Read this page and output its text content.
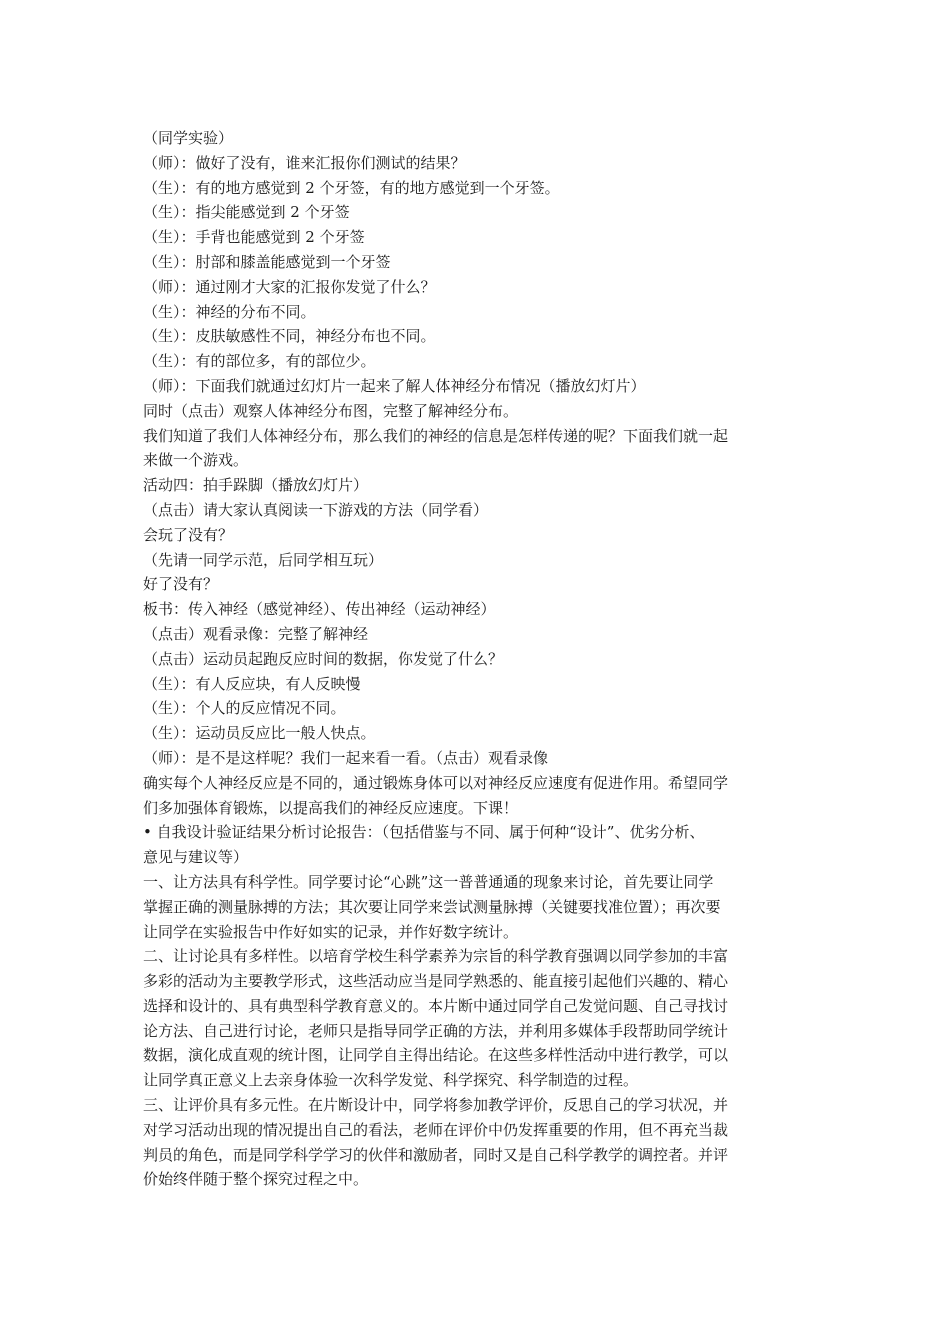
（同学实验）
（师）：做好了没有，谁来汇报你们测试的结果？
（生）：有的地方感觉到 2 个牙签，有的地方感觉到一个牙签。
（生）：指尖能感觉到 2 个牙签
（生）：手背也能感觉到 2 个牙签
（生）：肘部和膝盖能感觉到一个牙签
（师）：通过刚才大家的汇报你发觉了什么？
（生）：神经的分布不同。
（生）：皮肤敏感性不同，神经分布也不同。
（生）：有的部位多，有的部位少。
（师）：下面我们就通过幻灯片一起来了解人体神经分布情况（播放幻灯片）
同时（点击）观察人体神经分布图，完整了解神经分布。
我们知道了我们人体神经分布，那么我们的神经的信息是怎样传递的呢？下面我们就一起
来做一个游戏。
活动四：拍手跺脚（播放幻灯片）
（点击）请大家认真阅读一下游戏的方法（同学看）
会玩了没有？
（先请一同学示范，后同学相互玩）
好了没有？
板书：传入神经（感觉神经）、传出神经（运动神经）
（点击）观看录像：完整了解神经
（点击）运动员起跑反应时间的数据，你发觉了什么？
（生）：有人反应块，有人反映慢
（生）：个人的反应情况不同。
（生）：运动员反应比一般人快点。
（师）：是不是这样呢？我们一起来看一看。（点击）观看录像
确实每个人神经反应是不同的，通过锻炼身体可以对神经反应速度有促进作用。希望同学
们多加强体育锻炼，以提高我们的神经反应速度。下课！
• 自我设计验证结果分析讨论报告：（包括借鉴与不同、属于何种“设计”、优劣分析、
意见与建议等）
一、让方法具有科学性。同学要讨论“心跳”这一普普通通的现象来讨论，首先要让同学
掌握正确的测量脉搏的方法；其次要让同学来尝试测量脉搏（关键要找准位置）；再次要
让同学在实验报告中作好如实的记录，并作好数字统计。
二、让讨论具有多样性。以培育学校生科学素养为宗旨的科学教育强调以同学参加的丰富
多彩的活动为主要教学形式，这些活动应当是同学熟悉的、能直接引起他们兴趣的、精心
选择和设计的、具有典型科学教育意义的。本片断中通过同学自己发觉问题、自己寻找讨
论方法、自己进行讨论，老师只是指导同学正确的方法，并利用多媒体手段帮助同学统计
数据，演化成直观的统计图，让同学自主得出结论。在这些多样性活动中进行教学，可以
让同学真正意义上去亲身体验一次科学发觉、科学探究、科学制造的过程。
三、让评价具有多元性。在片断设计中，同学将参加教学评价，反思自己的学习状况，并
对学习活动出现的情况提出自己的看法，老师在评价中仍发挥重要的作用，但不再充当裁
判员的角色，而是同学科学学习的伙伴和激励者，同时又是自己科学教学的调控者。并评
价始终伴随于整个探究过程之中。
